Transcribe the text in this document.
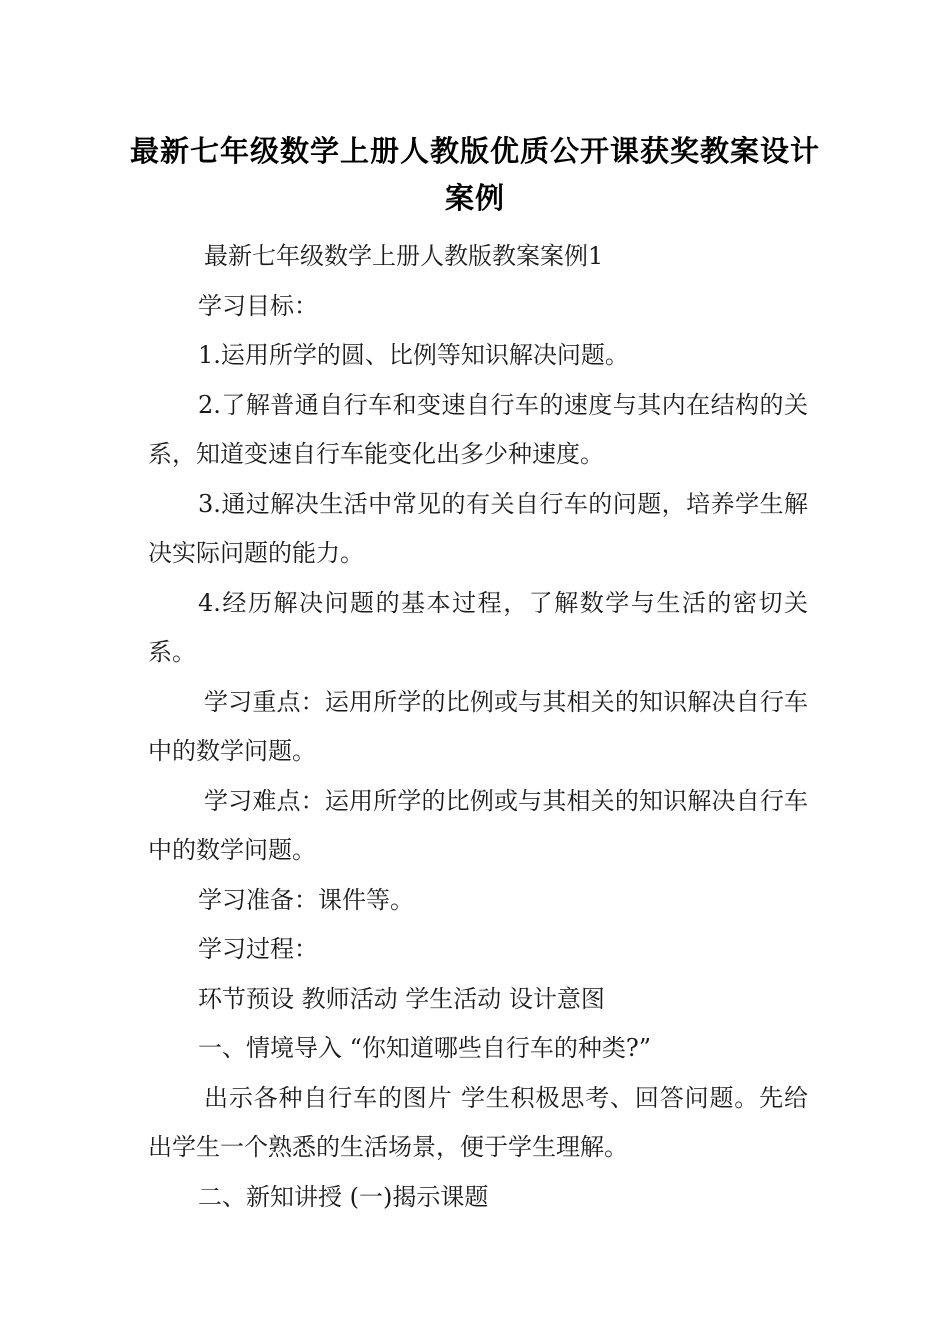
最新七年级数学上册人教版优质公开课获奖教案设计
案例

最新七年级数学上册人教版教案案例1

学习目标：

1.运用所学的圆、比例等知识解决问题。

2.了解普通自行车和变速自行车的速度与其内在结构的关系，知道变速自行车能变化出多少种速度。

3.通过解决生活中常见的有关自行车的问题，培养学生解决实际问题的能力。

4.经历解决问题的基本过程，了解数学与生活的密切关系。

学习重点：运用所学的比例或与其相关的知识解决自行车中的数学问题。

学习难点：运用所学的比例或与其相关的知识解决自行车中的数学问题。

学习准备：课件等。

学习过程：

环节预设 教师活动 学生活动 设计意图

一、情境导入 “你知道哪些自行车的种类?”

出示各种自行车的图片 学生积极思考、回答问题。先给出学生一个熟悉的生活场景，便于学生理解。

二、新知讲授 (一)揭示课题
